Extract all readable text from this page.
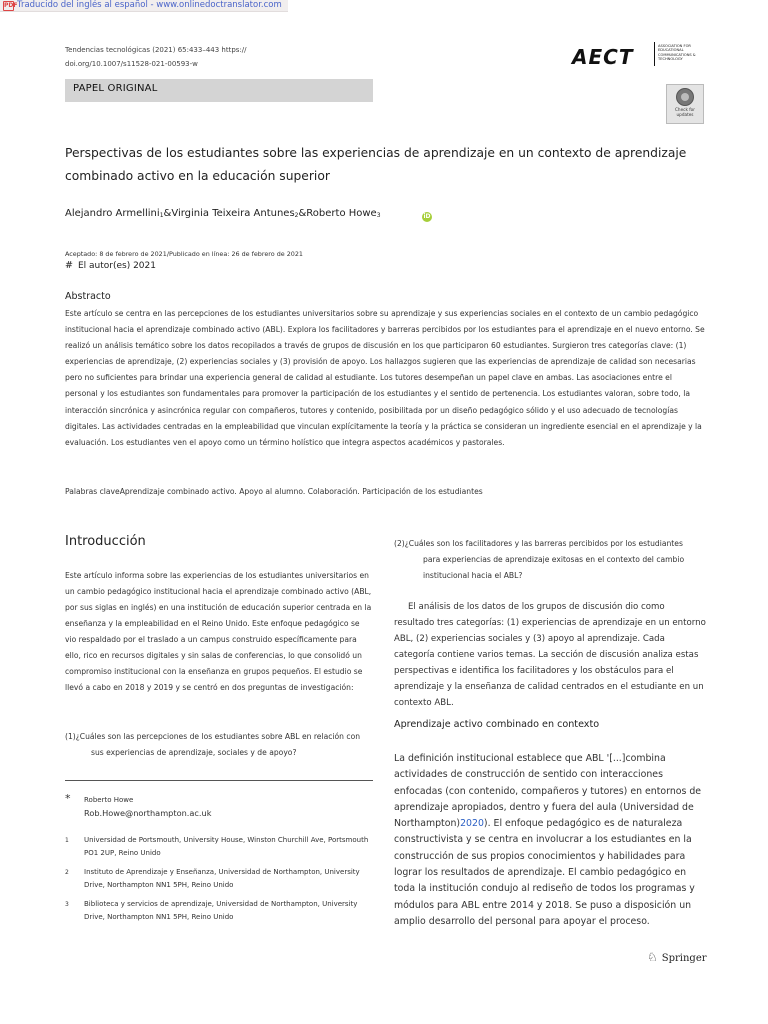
PDF Traducido del inglés al español - www.onlinedoctranslator.com
Tendencias tecnológicas (2021) 65:433–443 https://
doi.org/10.1007/s11528-021-00593-w	AECT	ASSOCIATION FOR EDUCATIONAL COMMUNICATIONS & TECHNOLOGY
PAPEL ORIGINAL
Check for updates
Perspectivas de los estudiantes sobre las experiencias de aprendizaje en un contexto de aprendizaje combinado activo en la educación superior
Alejandro Armellini$_1$&Virginia Teixeira Antunes$_2$&Roberto Howe$_3$	iD
Aceptado: 8 de febrero de 2021/Publicado en línea: 26 de febrero de 2021
# El autor(es) 2021
Abstracto
Este artículo se centra en las percepciones de los estudiantes universitarios sobre su aprendizaje y sus experiencias sociales en el contexto de un cambio pedagógico institucional hacia el aprendizaje combinado activo (ABL). Explora los facilitadores y barreras percibidos por los estudiantes para el aprendizaje en el nuevo entorno. Se realizó un análisis temático sobre los datos recopilados a través de grupos de discusión en los que participaron 60 estudiantes. Surgieron tres categorías clave: (1) experiencias de aprendizaje, (2) experiencias sociales y (3) provisión de apoyo. Los hallazgos sugieren que las experiencias de aprendizaje de calidad son necesarias pero no suficientes para brindar una experiencia general de calidad al estudiante. Los tutores desempeñan un papel clave en ambas. Las asociaciones entre el personal y los estudiantes son fundamentales para promover la participación de los estudiantes y el sentido de pertenencia. Los estudiantes valoran, sobre todo, la interacción sincrónica y asincrónica regular con compañeros, tutores y contenido, posibilitada por un diseño pedagógico sólido y el uso adecuado de tecnologías digitales. Las actividades centradas en la empleabilidad que vinculan explícitamente la teoría y la práctica se consideran un ingrediente esencial en el aprendizaje y la evaluación. Los estudiantes ven el apoyo como un término holístico que integra aspectos académicos y pastorales.
Palabras claveAprendizaje combinado activo. Apoyo al alumno. Colaboración. Participación de los estudiantes
Introducción
Este artículo informa sobre las experiencias de los estudiantes universitarios en un cambio pedagógico institucional hacia el aprendizaje combinado activo (ABL, por sus siglas en inglés) en una institución de educación superior centrada en la enseñanza y la empleabilidad en el Reino Unido. Este enfoque pedagógico se vio respaldado por el traslado a un campus construido específicamente para ello, rico en recursos digitales y sin salas de conferencias, lo que consolidó un compromiso institucional con la enseñanza en grupos pequeños. El estudio se llevó a cabo en 2018 y 2019 y se centró en dos preguntas de investigación:
(1)¿Cuáles son las percepciones de los estudiantes sobre ABL en relación con
sus experiencias de aprendizaje, sociales y de apoyo?
* Roberto Howe
Rob.Howe@northampton.ac.uk
1 Universidad de Portsmouth, University House, Winston Churchill Ave, Portsmouth PO1 2UP, Reino Unido
2 Instituto de Aprendizaje y Enseñanza, Universidad de Northampton, University Drive, Northampton NN1 5PH, Reino Unido
3 Biblioteca y servicios de aprendizaje, Universidad de Northampton, University Drive, Northampton NN1 5PH, Reino Unido
(2)¿Cuáles son los facilitadores y las barreras percibidos por los estudiantes
para experiencias de aprendizaje exitosas en el contexto del cambio
institucional hacia el ABL?
El análisis de los datos de los grupos de discusión dio como resultado tres categorías: (1) experiencias de aprendizaje en un entorno ABL, (2) experiencias sociales y (3) apoyo al aprendizaje. Cada categoría contiene varios temas. La sección de discusión analiza estas perspectivas e identifica los facilitadores y los obstáculos para el aprendizaje y la enseñanza de calidad centrados en el estudiante en un contexto ABL.
Aprendizaje activo combinado en contexto
La definición institucional establece que ABL '[...]combina actividades de construcción de sentido con interacciones enfocadas (con contenido, compañeros y tutores) en entornos de aprendizaje apropiados, dentro y fuera del aula (Universidad de Northampton)2020). El enfoque pedagógico es de naturaleza constructivista y se centra en involucrar a los estudiantes en la construcción de sus propios conocimientos y habilidades para lograr los resultados de aprendizaje. El cambio pedagógico en toda la institución condujo al rediseño de todos los programas y módulos para ABL entre 2014 y 2018. Se puso a disposición un amplio desarrollo del personal para apoyar el proceso.
♘ Springer
